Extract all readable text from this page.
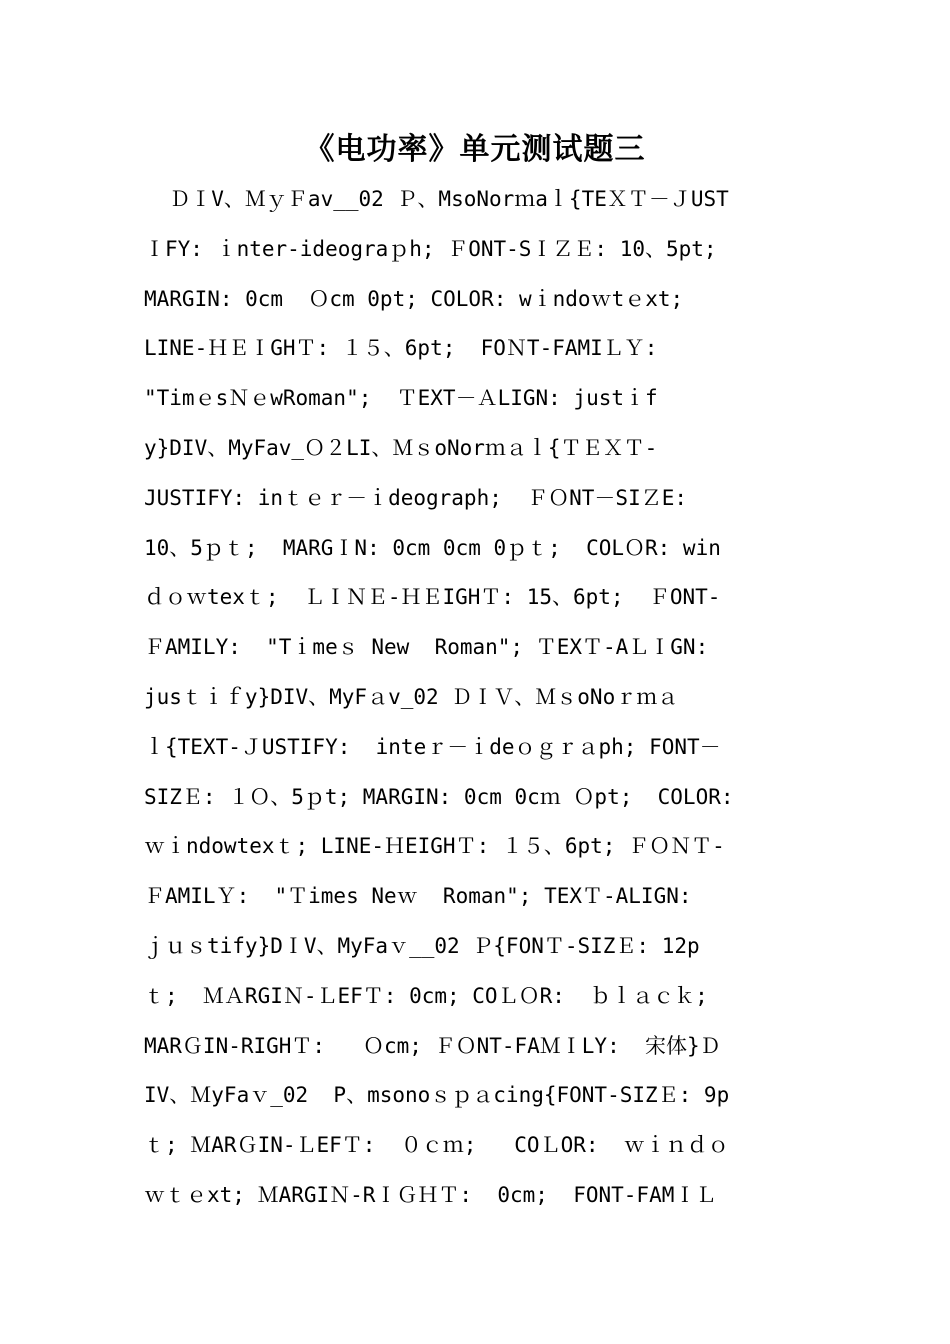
《电功率》单元测试题三
ＤⅠV、ＭｙＦav__02 Ｐ、MsoNorｍaｌ{TEＸＴ－ＪUST
ＩFY: ｉnter-ideograｐh; ＦONT-SＩＺＥ: 10、5pt;
MARGIN: 0cm  Ｏcm 0pt; COLOR: wｉndoｗtｅxt;
LINE-ＨＥＩGHＴ: １５、6pt;  FOＮT-FAMIＬＹ:
"TimｅsＮｅwRoman";  ＴEXT－ＡLIGN: justｉf
y}DIV、MyFav_Ｏ２LI、ＭｓoNorｍａｌ{ＴＥＸＴ-
JUSTIFY: inｔｅｒ－ｉdeograph;  ＦＯNT－SIＺE:
10、5ｐｔ;  MARGＩN: 0cm 0cm 0ｐｔ;  COLＯR: win
ｄｏｗtexｔ;  ＬＩＮＥ-ＨＥIGHＴ: 15、6pt;  ＦONT-
ＦAMILY:  "Tｉmeｓ New  Roman"; ＴEXＴ-AＬＩGN:
jusｔｉｆy}DIV、MyFａv_02 ＤＩＶ、ＭｓoNoｒｍａ
ｌ{TEXT-ＪUSTIFY:  inteｒ－ｉdeｏｇｒａph; FONT－
SIZＥ: １Ｏ、5ｐt; MARGIN: 0cm 0cｍ Ｏpt;  COLOR:
ｗｉndowtexｔ; LINE-ＨEIGHＴ: １５、6pt; ＦＯＮＴ-
ＦAMILＹ:  "Ｔimes Neｗ  Roman"; TEXＴ-ALIGN:
ｊｕｓtify}DＩV、MyFaｖ__02 Ｐ{FONＴ-SIZＥ: 12p
ｔ;  ＭＡRGIＮ-ＬEFＴ: 0cm; COＬＯR:  ｂｌａｃｋ;
MARＧIN-RIGHＴ:   Ｏcm; ＦＯNT-FAＭＩLY:  宋体}Ｄ
IV、ＭyFaｖ_02  P、msonoｓｐａcing{FONT-SIZＥ: 9p
ｔ; ＭARＧIN-ＬEFＴ:  ０ｃｍ;   COＬOR:  ｗｉｎｄｏ
ｗｔｅxt; ＭARGIＮ-RＩＧＨＴ:  0cm;  FONT-FAMＩＬ
